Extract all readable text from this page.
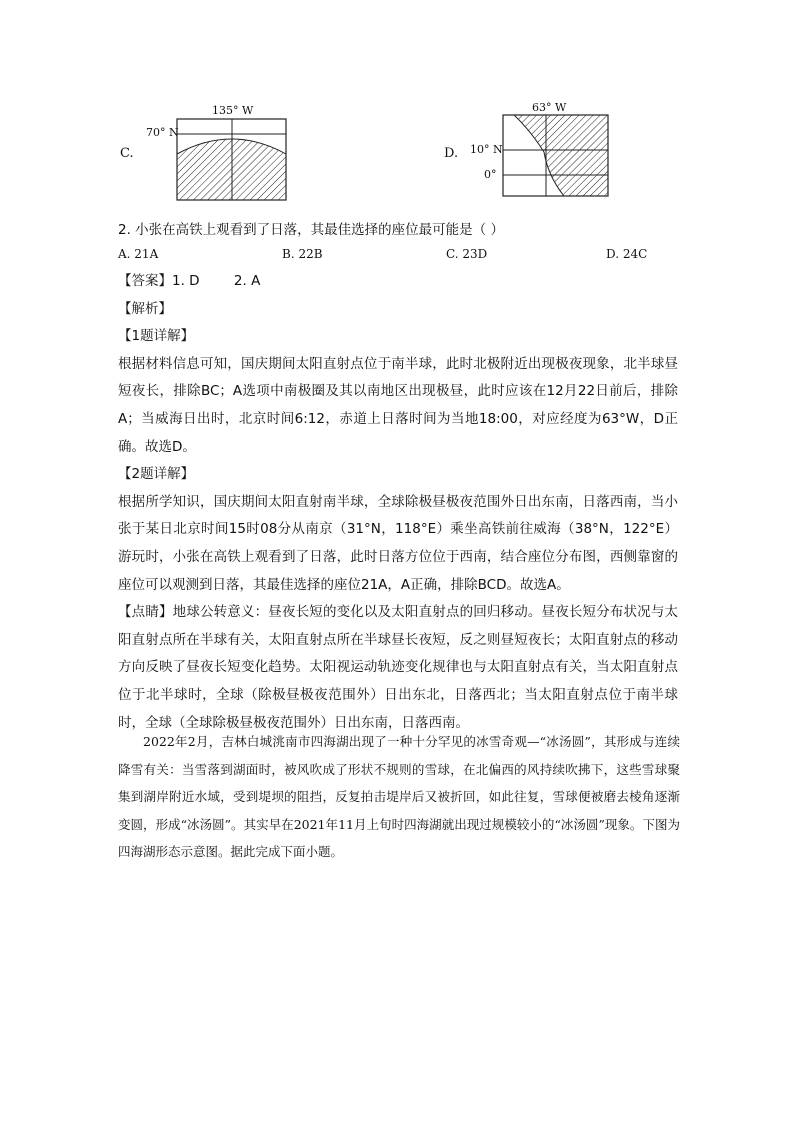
C.
135° W
70° N
D.
63° W
10° N
0°
2. 小张在高铁上观看到了日落，其最佳选择的座位最可能是（ ）
A. 21A	B. 22B	C. 23D	D. 24C

【答案】1. D        2. A

【解析】

【1题详解】

根据材料信息可知，国庆期间太阳直射点位于南半球，此时北极附近出现极夜现象，北半球昼短夜长，排除BC；A选项中南极圈及其以南地区出现极昼，此时应该在12月22日前后，排除A；当威海日出时，北京时间6:12，赤道上日落时间为当地18:00，对应经度为63°W，D正确。故选D。

【2题详解】

根据所学知识，国庆期间太阳直射南半球，全球除极昼极夜范围外日出东南，日落西南，当小张于某日北京时间15时08分从南京（31°N，118°E）乘坐高铁前往威海（38°N，122°E）游玩时，小张在高铁上观看到了日落，此时日落方位位于西南，结合座位分布图，西侧靠窗的座位可以观测到日落，其最佳选择的座位21A，A正确，排除BCD。故选A。

【点睛】地球公转意义：昼夜长短的变化以及太阳直射点的回归移动。昼夜长短分布状况与太阳直射点所在半球有关，太阳直射点所在半球昼长夜短，反之则昼短夜长；太阳直射点的移动方向反映了昼夜长短变化趋势。太阳视运动轨迹变化规律也与太阳直射点有关，当太阳直射点位于北半球时，全球（除极昼极夜范围外）日出东北，日落西北；当太阳直射点位于南半球时，全球（全球除极昼极夜范围外）日出东南，日落西南。

2022年2月，吉林白城洮南市四海湖出现了一种十分罕见的冰雪奇观—“冰汤圆”，其形成与连续降雪有关：当雪落到湖面时，被风吹成了形状不规则的雪球，在北偏西的风持续吹拂下，这些雪球聚集到湖岸附近水域，受到堤坝的阻挡，反复拍击堤岸后又被折回，如此往复，雪球便被磨去棱角逐渐变圆，形成“冰汤圆”。其实早在2021年11月上旬时四海湖就出现过规模较小的“冰汤圆”现象。下图为四海湖形态示意图。据此完成下面小题。
